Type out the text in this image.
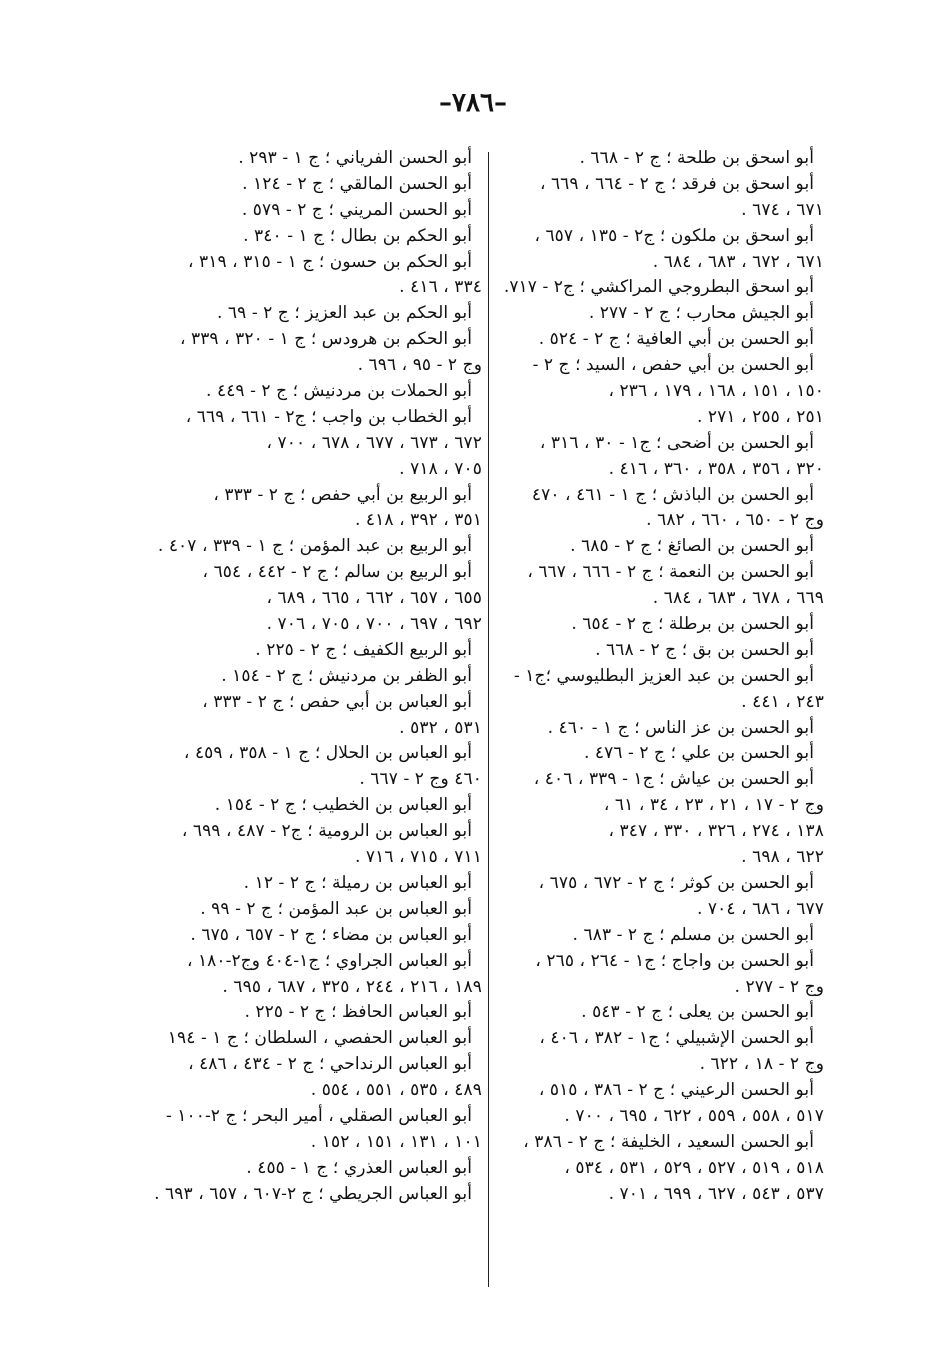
–٧٨٦–
أبو اسحق بن طلحة ؛ ج ٢ - ٦٦٨ .
أبو اسحق بن فرقد ؛ ج ٢ - ٦٦٤ ، ٦٦٩ ،
٦٧١ ، ٦٧٤ .
أبو اسحق بن ملكون ؛ ج٢ - ١٣٥ ، ٦٥٧ ،
٦٧١ ، ٦٧٢ ، ٦٨٣ ، ٦٨٤ .
أبو اسحق البطروجي المراكشي ؛ ج٢ - ٧١٧.
أبو الجيش محارب ؛ ج ٢ - ٢٧٧ .
أبو الحسن بن أبي العافية ؛ ج ٢ - ٥٢٤ .
أبو الحسن بن أبي حفص ، السيد ؛ ج ٢ -
١٥٠ ، ١٥١ ، ١٦٨ ، ١٧٩ ، ٢٣٦ ،
٢٥١ ، ٢٥٥ ، ٢٧١ .
أبو الحسن بن أضحى ؛ ج١ - ٣٠ ، ٣١٦ ،
٣٢٠ ، ٣٥٦ ، ٣٥٨ ، ٣٦٠ ، ٤١٦ .
أبو الحسن بن الباذش ؛ ج ١ - ٤٦١ ، ٤٧٠
وج ٢ - ٦٥٠ ، ٦٦٠ ، ٦٨٢ .
أبو الحسن بن الصائغ ؛ ج ٢ - ٦٨٥ .
أبو الحسن بن النعمة ؛ ج ٢ - ٦٦٦ ، ٦٦٧ ،
٦٦٩ ، ٦٧٨ ، ٦٨٣ ، ٦٨٤ .
أبو الحسن بن برطلة ؛ ج ٢ - ٦٥٤ .
أبو الحسن بن بق ؛ ج ٢ - ٦٦٨ .
أبو الحسن بن عبد العزيز البطليوسي ؛ج١ -
٢٤٣ ، ٤٤١ .
أبو الحسن بن عز الناس ؛ ج ١ - ٤٦٠ .
أبو الحسن بن علي ؛ ج ٢ - ٤٧٦ .
أبو الحسن بن عياش ؛ ج١ - ٣٣٩ ، ٤٠٦ ،
وج ٢ - ١٧ ، ٢١ ، ٢٣ ، ٣٤ ، ٦١ ،
١٣٨ ، ٢٧٤ ، ٣٢٦ ، ٣٣٠ ، ٣٤٧ ،
٦٢٢ ، ٦٩٨ .
أبو الحسن بن كوثر ؛ ج ٢ - ٦٧٢ ، ٦٧٥ ،
٦٧٧ ، ٦٨٦ ، ٧٠٤ .
أبو الحسن بن مسلم ؛ ج ٢ - ٦٨٣ .
أبو الحسن بن واجاج ؛ ج١ - ٢٦٤ ، ٢٦٥ ،
وج ٢ - ٢٧٧ .
أبو الحسن بن يعلى ؛ ج ٢ - ٥٤٣ .
أبو الحسن الإشبيلي ؛ ج١ - ٣٨٢ ، ٤٠٦ ،
وج ٢ - ١٨ ، ٦٢٢ .
أبو الحسن الرعيني ؛ ج ٢ - ٣٨٦ ، ٥١٥ ،
٥١٧ ، ٥٥٨ ، ٥٥٩ ، ٦٢٢ ، ٦٩٥ ، ٧٠٠ .
أبو الحسن السعيد ، الخليفة ؛ ج ٢ - ٣٨٦ ،
٥١٨ ، ٥١٩ ، ٥٢٧ ، ٥٢٩ ، ٥٣١ ، ٥٣٤ ،
٥٣٧ ، ٥٤٣ ، ٦٢٧ ، ٦٩٩ ، ٧٠١ .
أبو الحسن الفرياني ؛ ج ١ - ٢٩٣ .
أبو الحسن المالقي ؛ ج ٢ - ١٢٤ .
أبو الحسن المريني ؛ ج ٢ - ٥٧٩ .
أبو الحكم بن بطال ؛ ج ١ - ٣٤٠ .
أبو الحكم بن حسون ؛ ج ١ - ٣١٥ ، ٣١٩ ،
٣٣٤ ، ٤١٦ .
أبو الحكم بن عبد العزيز ؛ ج ٢ - ٦٩ .
أبو الحكم بن هرودس ؛ ج ١ - ٣٢٠ ، ٣٣٩ ،
وج ٢ - ٩٥ ، ٦٩٦ .
أبو الحملات بن مردنيش ؛ ج ٢ - ٤٤٩ .
أبو الخطاب بن واجب ؛ ج٢ - ٦٦١ ، ٦٦٩ ،
٦٧٢ ، ٦٧٣ ، ٦٧٧ ، ٦٧٨ ، ٧٠٠ ،
٧٠٥ ، ٧١٨ .
أبو الربيع بن أبي حفص ؛ ج ٢ - ٣٣٣ ،
٣٥١ ، ٣٩٢ ، ٤١٨ .
أبو الربيع بن عبد المؤمن ؛ ج ١ - ٣٣٩ ، ٤٠٧ .
أبو الربيع بن سالم ؛ ج ٢ - ٤٤٢ ، ٦٥٤ ،
٦٥٥ ، ٦٥٧ ، ٦٦٢ ، ٦٦٥ ، ٦٨٩ ،
٦٩٢ ، ٦٩٧ ، ٧٠٠ ، ٧٠٥ ، ٧٠٦ .
أبو الربيع الكفيف ؛ ج ٢ - ٢٢٥ .
أبو الظفر بن مردنيش ؛ ج ٢ - ١٥٤ .
أبو العباس بن أبي حفص ؛ ج ٢ - ٣٣٣ ،
٥٣١ ، ٥٣٢ .
أبو العباس بن الحلال ؛ ج ١ - ٣٥٨ ، ٤٥٩ ،
٤٦٠ وج ٢ - ٦٦٧ .
أبو العباس بن الخطيب ؛ ج ٢ - ١٥٤ .
أبو العباس بن الرومية ؛ ج٢ - ٤٨٧ ، ٦٩٩ ،
٧١١ ، ٧١٥ ، ٧١٦ .
أبو العباس بن رميلة ؛ ج ٢ - ١٢ .
أبو العباس بن عبد المؤمن ؛ ج ٢ - ٩٩ .
أبو العباس بن مضاء ؛ ج ٢ - ٦٥٧ ، ٦٧٥ .
أبو العباس الجراوي ؛ ج١-٤٠٤ وج٢-١٨٠ ،
١٨٩ ، ٢١٦ ، ٢٤٤ ، ٣٢٥ ، ٦٨٧ ، ٦٩٥ .
أبو العباس الحافظ ؛ ج ٢ - ٢٢٥ .
أبو العباس الحفصي ، السلطان ؛ ج ١ - ١٩٤
أبو العباس الرنداحي ؛ ج ٢ - ٤٣٤ ، ٤٨٦ ،
٤٨٩ ، ٥٣٥ ، ٥٥١ ، ٥٥٤ .
أبو العباس الصقلي ، أمير البحر ؛ ج ٢-١٠٠ -
١٠١ ، ١٣١ ، ١٥١ ، ١٥٢ .
أبو العباس العذري ؛ ج ١ - ٤٥٥ .
أبو العباس الجريطي ؛ ج ٢-٦٠٧ ، ٦٥٧ ، ٦٩٣ .
